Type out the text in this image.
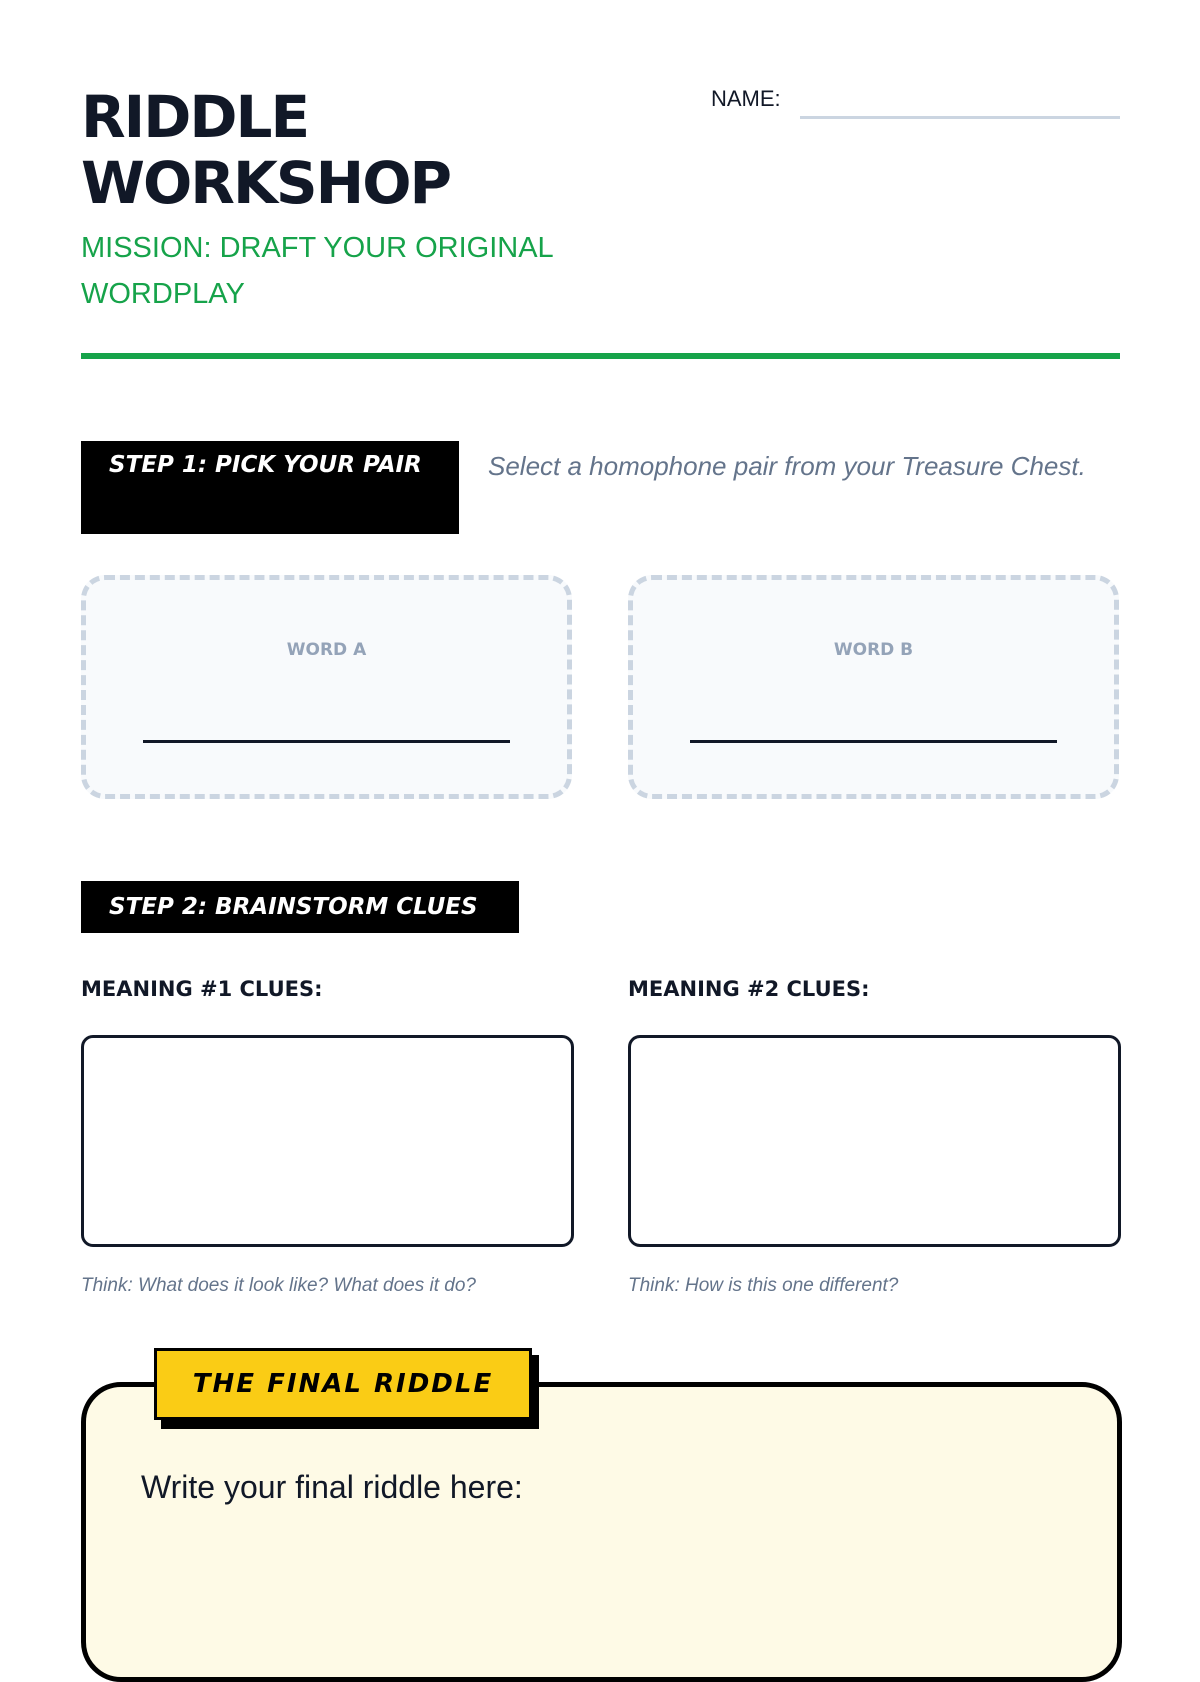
RIDDLE
WORKSHOP
NAME:
MISSION: DRAFT YOUR ORIGINAL WORDPLAY
STEP 1: PICK YOUR PAIR	Select a homophone pair from your Treasure Chest.
WORD A	WORD B
STEP 2: BRAINSTORM CLUES
MEANING #1 CLUES:	MEANING #2 CLUES:
Think: What does it look like? What does it do?	Think: How is this one different?
THE FINAL RIDDLE
Write your final riddle here:
